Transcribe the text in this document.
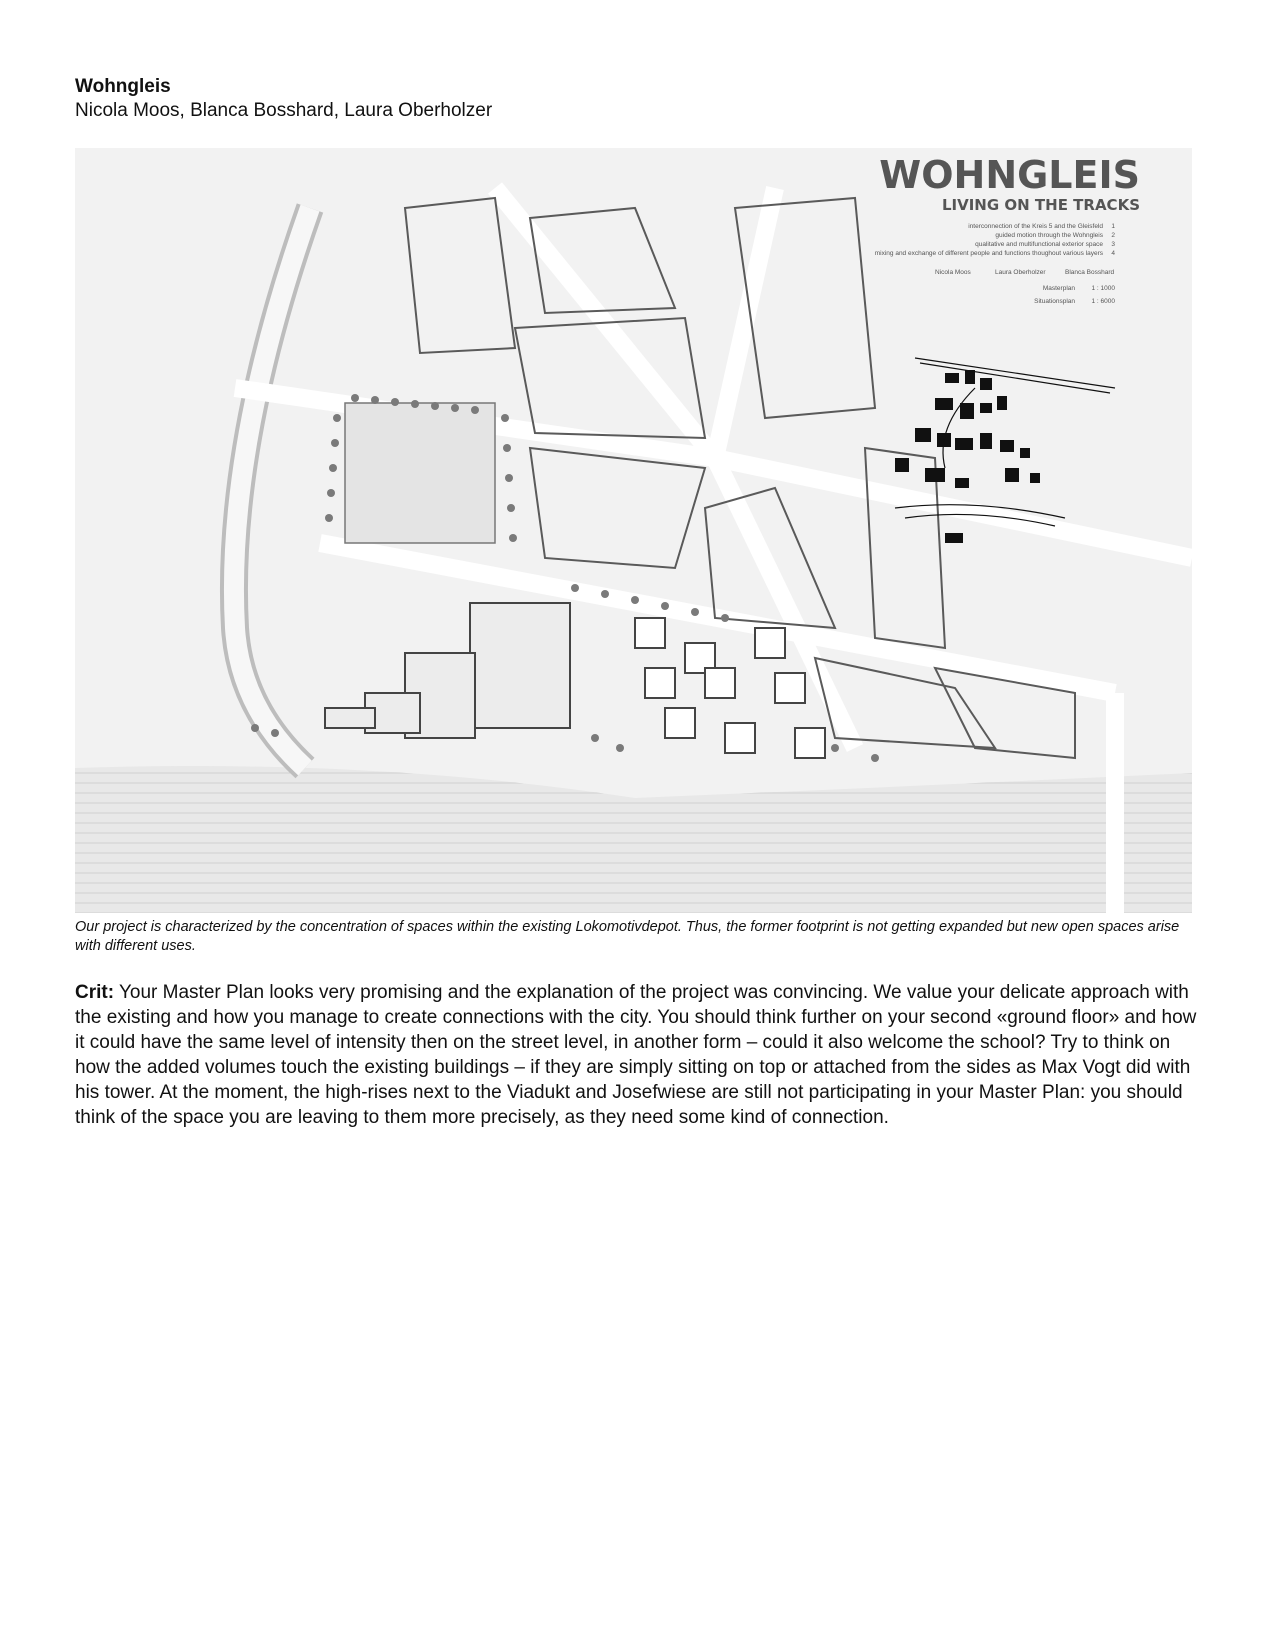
Wohngleis
Nicola Moos, Blanca Bosshard, Laura Oberholzer
WOHNGLEIS
LIVING ON THE TRACKS
interconnection of the Kreis 5 and the Gleisfeld 1
guided motion through the Wohngleis 2
qualitative and multifunctional exterior space 3
mixing and exchange of different people and functions thoughout various layers 4
Nicola Moos	Laura Oberholzer	Blanca Bosshard
Masterplan	1 : 1000
Situationsplan	1 : 6000
Our project is characterized by the concentration of spaces within the existing Lokomotivdepot. Thus, the former footprint is not getting expanded but new open spaces arise with different uses.
Crit: Your Master Plan looks very promising and the explanation of the project was convincing. We value your delicate approach with the existing and how you manage to create connections with the city. You should think further on your second «ground floor» and how it could have the same level of intensity then on the street level, in another form – could it also welcome the school? Try to think on how the added volumes touch the existing buildings – if they are simply sitting on top or attached from the sides as Max Vogt did with his tower. At the moment, the high-rises next to the Viadukt and Josefwiese are still not participating in your Master Plan: you should think of the space you are leaving to them more precisely, as they need some kind of connection.
